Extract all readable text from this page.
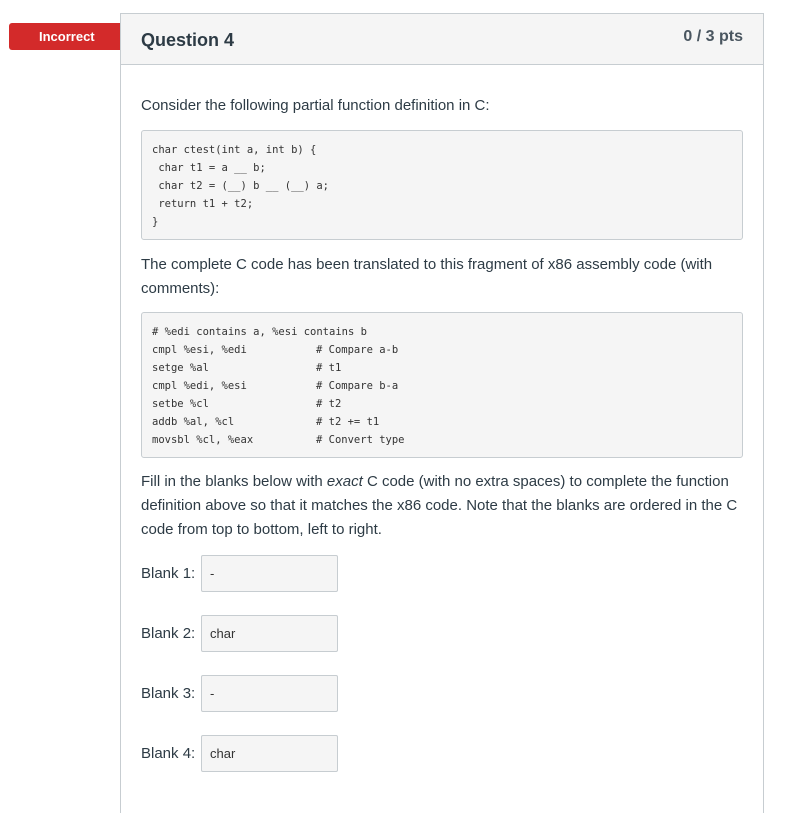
Incorrect	Question 4	0 / 3 pts
Consider the following partial function definition in C:
char ctest(int a, int b) {
char t1 = a __ b;
char t2 = (__) b __ (__) a;
return t1 + t2;
}
The complete C code has been translated to this fragment of x86 assembly code (with comments):
# %edi contains a, %esi contains b
cmpl %esi, %edi	# Compare a-b
setge %al	# t1
cmpl %edi, %esi	# Compare b-a
setbe %cl	# t2
addb %al, %cl	# t2 += t1
movsbl %cl, %eax	# Convert type
Fill in the blanks below with exact C code (with no extra spaces) to complete the function definition above so that it matches the x86 code. Note that the blanks are ordered in the C code from top to bottom, left to right.
Blank 1:	-
Blank 2:	char
Blank 3:	-
Blank 4:	char
